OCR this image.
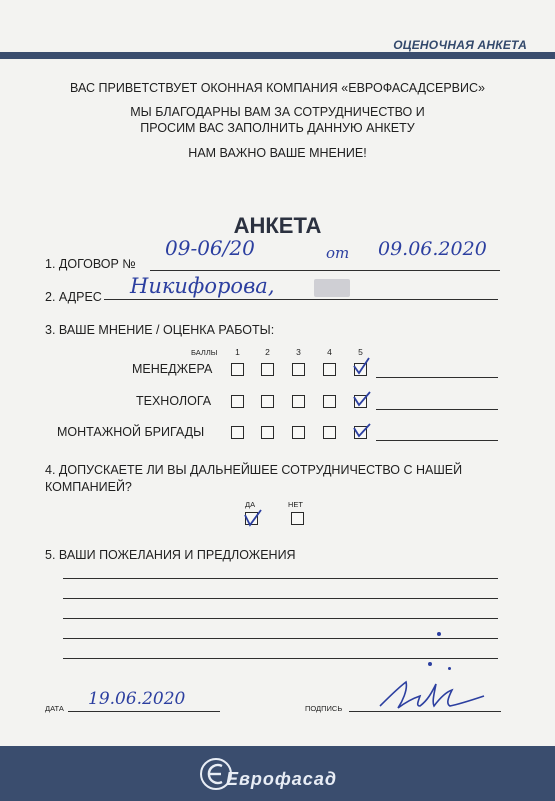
ОЦЕНОЧНАЯ АНКЕТА
ВАС ПРИВЕТСТВУЕТ ОКОННАЯ КОМПАНИЯ «ЕВРОФАСАДСЕРВИС»
МЫ БЛАГОДАРНЫ ВАМ ЗА СОТРУДНИЧЕСТВО И
ПРОСИМ ВАС ЗАПОЛНИТЬ ДАННУЮ АНКЕТУ
НАМ ВАЖНО ВАШЕ МНЕНИЕ!
АНКЕТА
1. ДОГОВОР №
09-06/20	от 09.06.2020
2. АДРЕС Никифорова,
3. ВАШЕ МНЕНИЕ / ОЦЕНКА РАБОТЫ:
БАЛЛЫ	1	2	3	4	5
МЕНЕДЖЕРА
ТЕХНОЛОГА
МОНТАЖНОЙ БРИГАДЫ
4. ДОПУСКАЕТЕ ЛИ ВЫ ДАЛЬНЕЙШЕЕ СОТРУДНИЧЕСТВО С НАШЕЙ
КОМПАНИЕЙ?
ДА	НЕТ
5. ВАШИ ПОЖЕЛАНИЯ И ПРЕДЛОЖЕНИЯ
ДАТА 19.06.2020	ПОДПИСЬ
Еврофасад
